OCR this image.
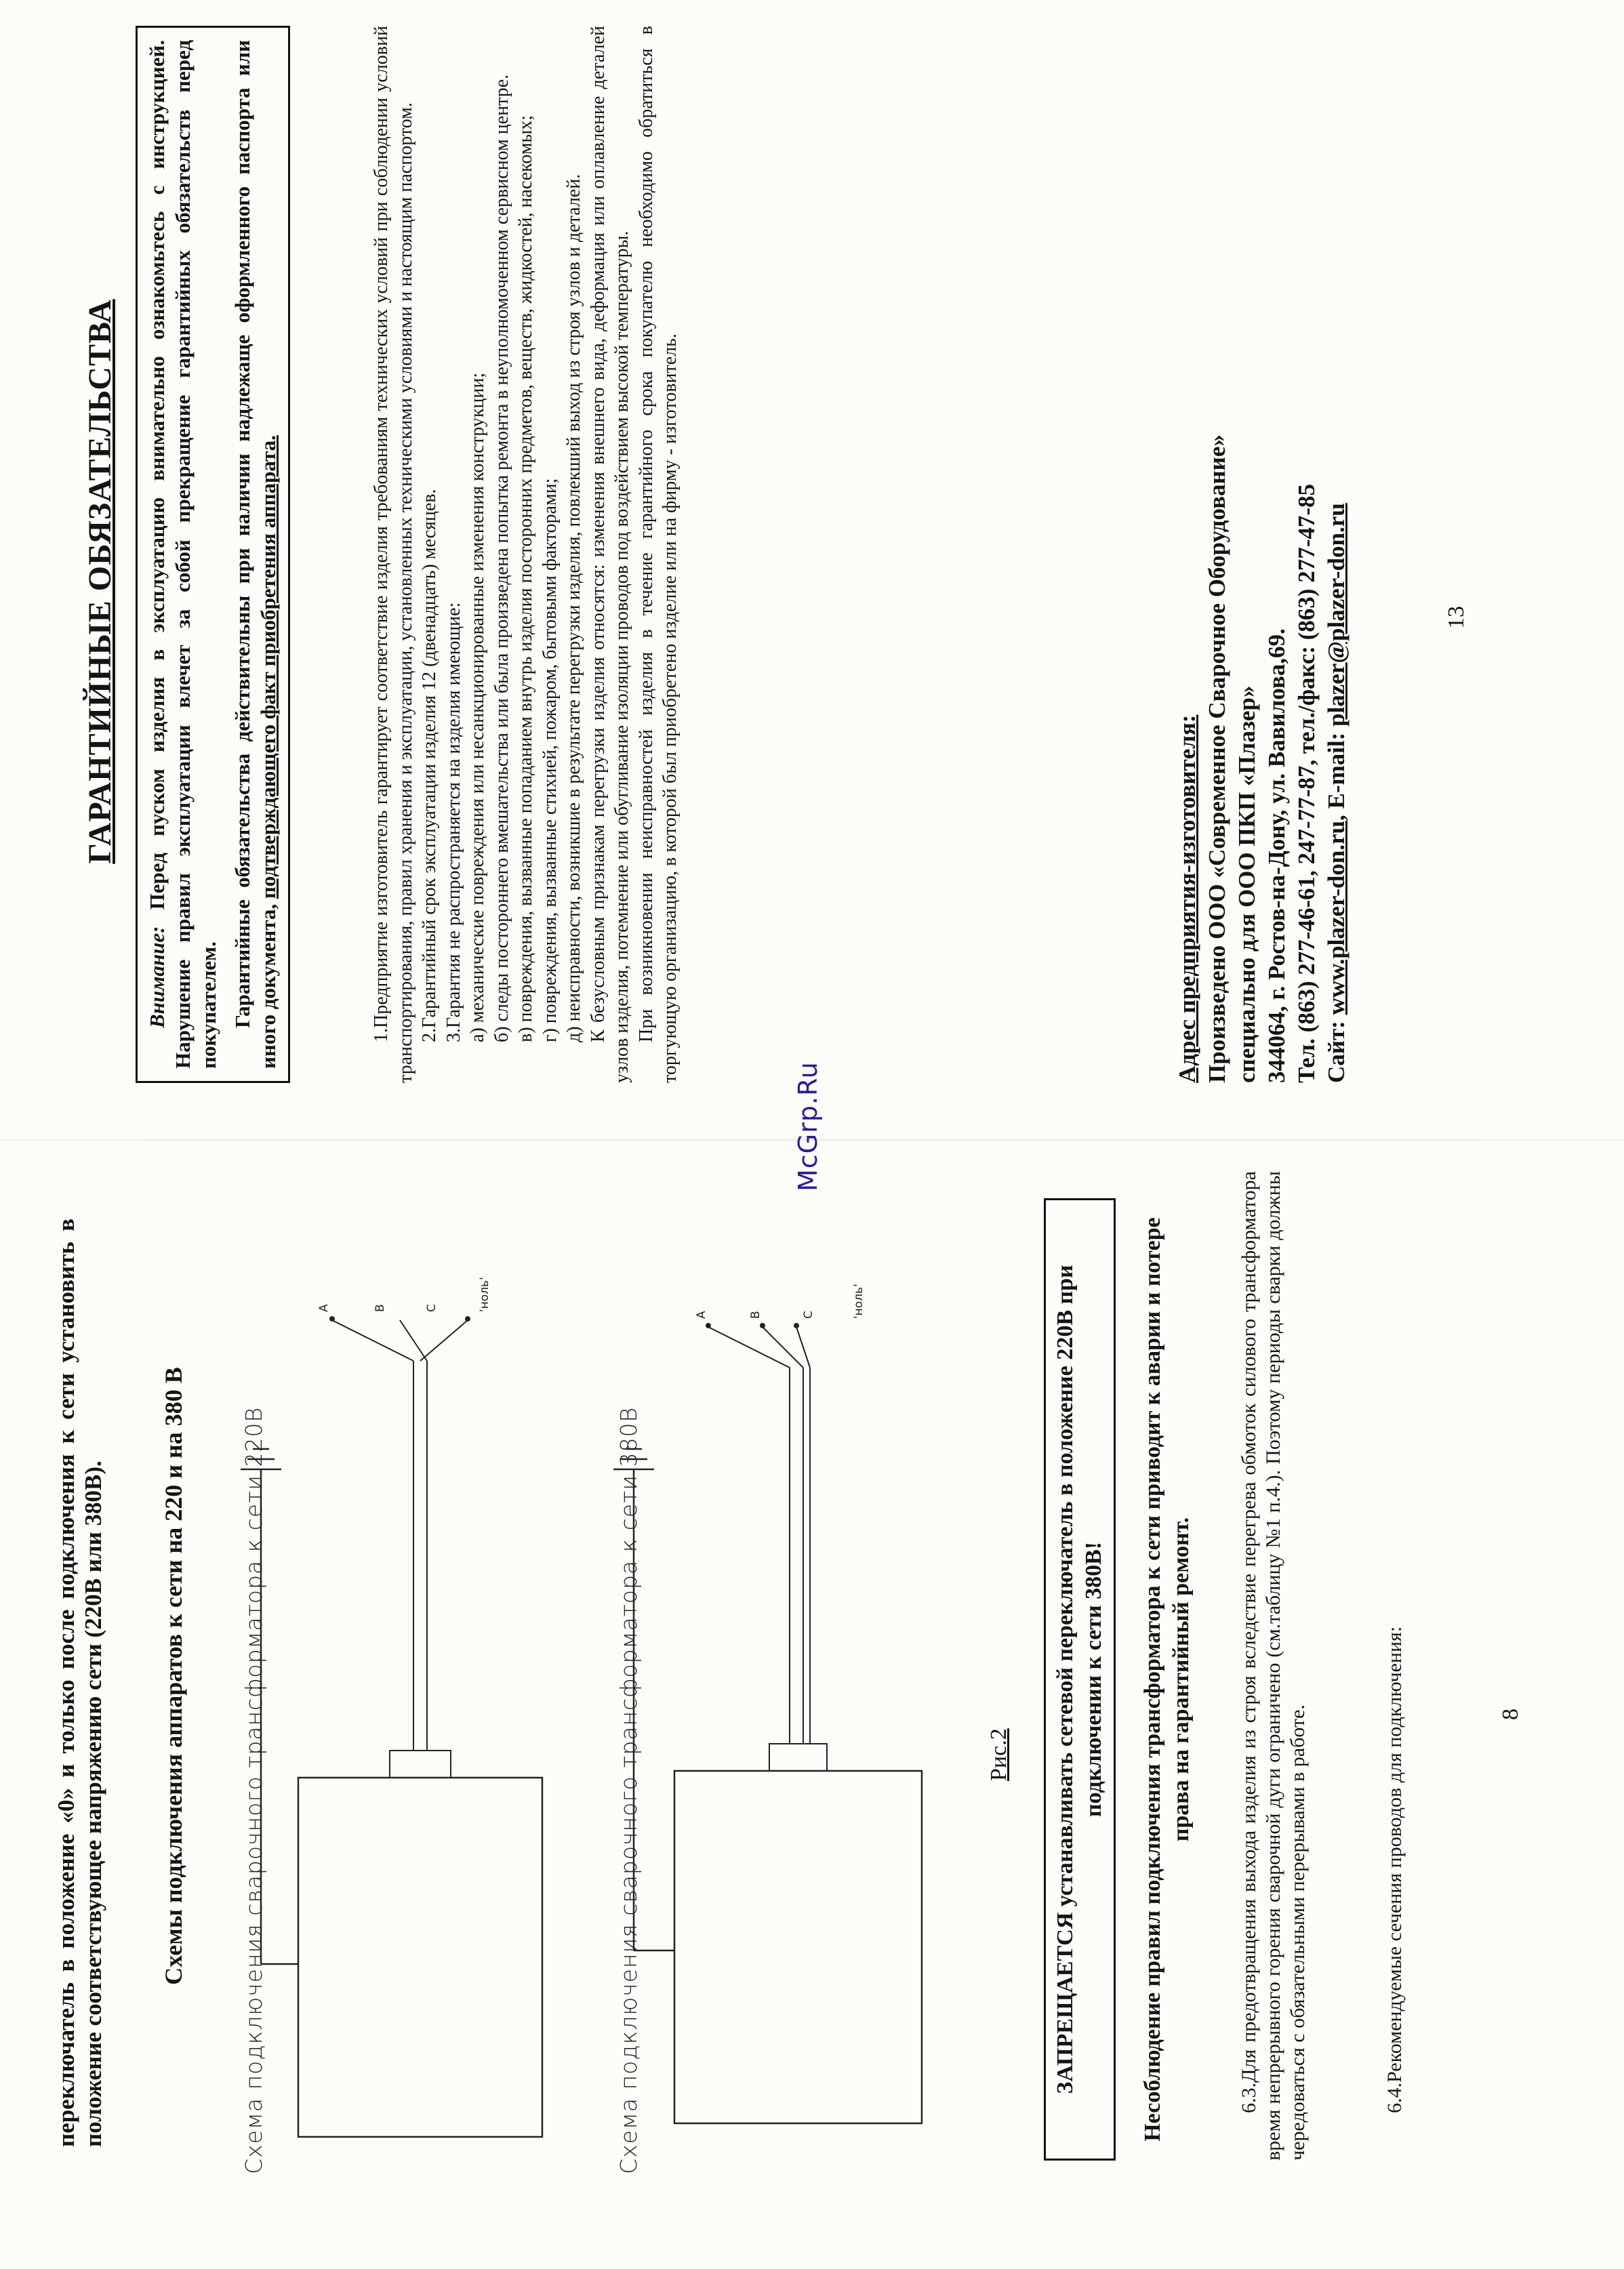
переключатель в положение «0» и только после подключения к сети установить в положение соответствующее напряжению сети (220В или 380В). Схемы подключения аппаратов к сети на 220 и на 380 В Схема подключения сварочного трансформатора к сети 220В
A	B	C	'ноль'
Схема подключения сварочного трансформатора к сети 380В
A	B	C	'ноль'
Рис.2	ЗАПРЕЩАЕТСЯ устанавливать сетевой переключатель в положение 220В при подключении к сети 380В!	Несоблюдение правил подключения трансформатора к сети приводит к аварии и потере права на гарантийный ремонт. 6.3.Для предотвращения выхода изделия из строя вследствие перегрева обмоток силового трансформатора время непрерывного горения сварочной дуги ограничено (см.таблицу №1 п.4.). Поэтому периоды сварки должны чередоваться с обязательными перерывами в работе.	6.4.Рекомендуемые сечения проводов для подключения:	8
McGrp.Ru
ГАРАНТИЙНЫЕ ОБЯЗАТЕЛЬСТВА

Внимание: Перед пуском изделия в эксплуатацию внимательно ознакомьтесь с инструкцией. Нарушение правил эксплуатации влечет за собой прекращение гарантийных обязательств перед покупателем. Гарантийные обязательства действительны при наличии надлежаще оформленного паспорта или иного документа, подтверждающего факт приобретения аппарата.	1.Предприятие изготовитель гарантирует соответствие изделия требованиям технических условий при соблюдении условий транспортирования, правил хранения и эксплуатации, установленных техническими условиями и настоящим паспортом. 2.Гарантийный срок эксплуатации изделия 12 (двенадцать) месяцев. 3.Гарантия не распространяется на изделия имеющие: а) механические повреждения или несанкционированные изменения конструкции; б) следы постороннего вмешательства или была произведена попытка ремонта в неуполномоченном сервисном центре. в) повреждения, вызванные попаданием внутрь изделия посторонних предметов, веществ, жидкостей, насекомых; г) повреждения, вызванные стихией, пожаром, бытовыми факторами; д) неисправности, возникшие в результате перегрузки изделия, повлекший выход из строя узлов и деталей. К безусловным признакам перегрузки изделия относятся: изменения внешнего вида, деформация или оплавление деталей узлов изделия, потемнение или обугливание изоляции проводов под воздействием высокой температуры. При возникновении неисправностей изделия в течение гарантийного срока покупателю необходимо обратиться в торгующую организацию, в которой был приобретено изделие или на фирму - изготовитель.	Адрес предприятия-изготовителя: Произведено ООО «Современное Сварочное Оборудование» специально для ООО ПКП «Плазер» 344064, г. Ростов-на-Дону, ул. Вавилова,69. Тел. (863) 277-46-61, 247-77-87, тел./факс: (863) 277-47-85 Сайт: www.plazer-don.ru, E-mail: plazer@plazer-don.ru	13
